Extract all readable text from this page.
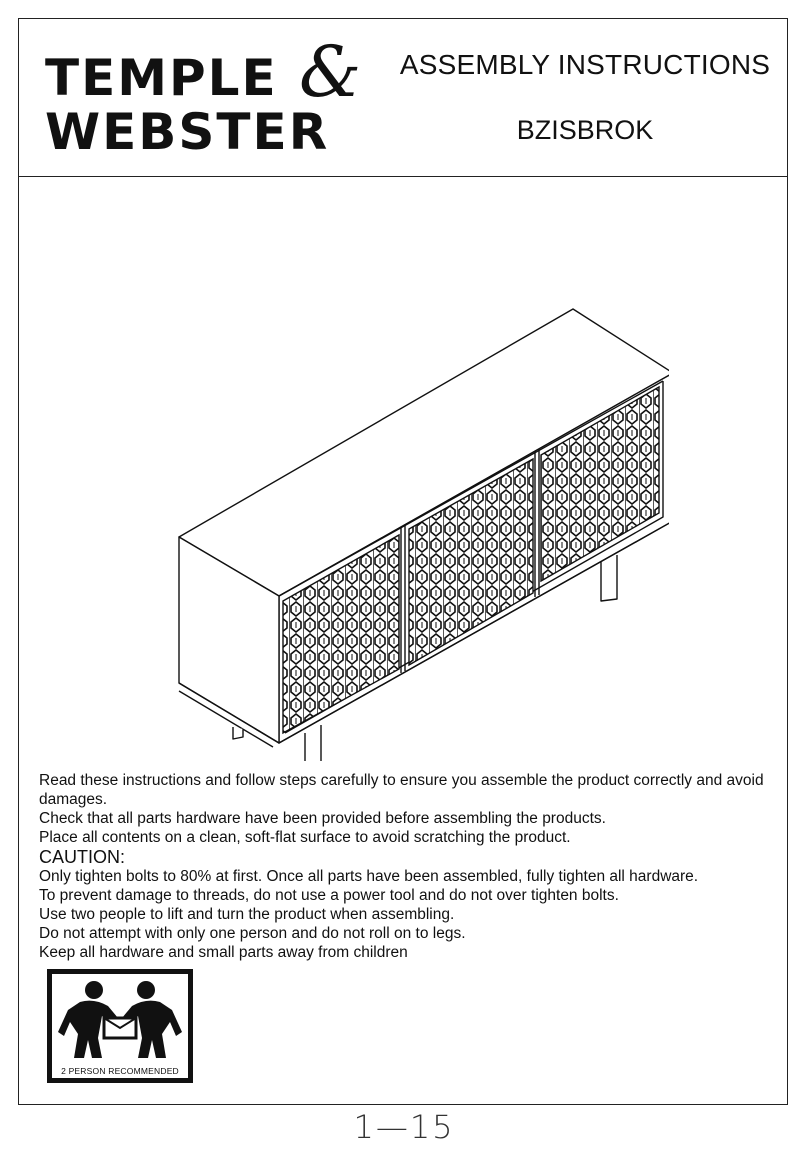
TEMPLE &
WEBSTER
ASSEMBLY INSTRUCTIONS
BZISBROK

Read these instructions and follow steps carefully to ensure you assemble the product correctly and avoid damages.

Check that all parts hardware have been provided before assembling the products.

Place all contents on a clean, soft-flat surface to avoid scratching the product.

CAUTION:

Only tighten bolts to 80% at first. Once all parts have been assembled, fully tighten all hardware.

To prevent damage to threads, do not use a power tool and do not over tighten bolts.

Use two people to lift and turn the product when assembling.

Do not attempt with only one person and do not roll on to legs.

Keep all hardware and small parts away from children

2 PERSON RECOMMENDED
1—15
